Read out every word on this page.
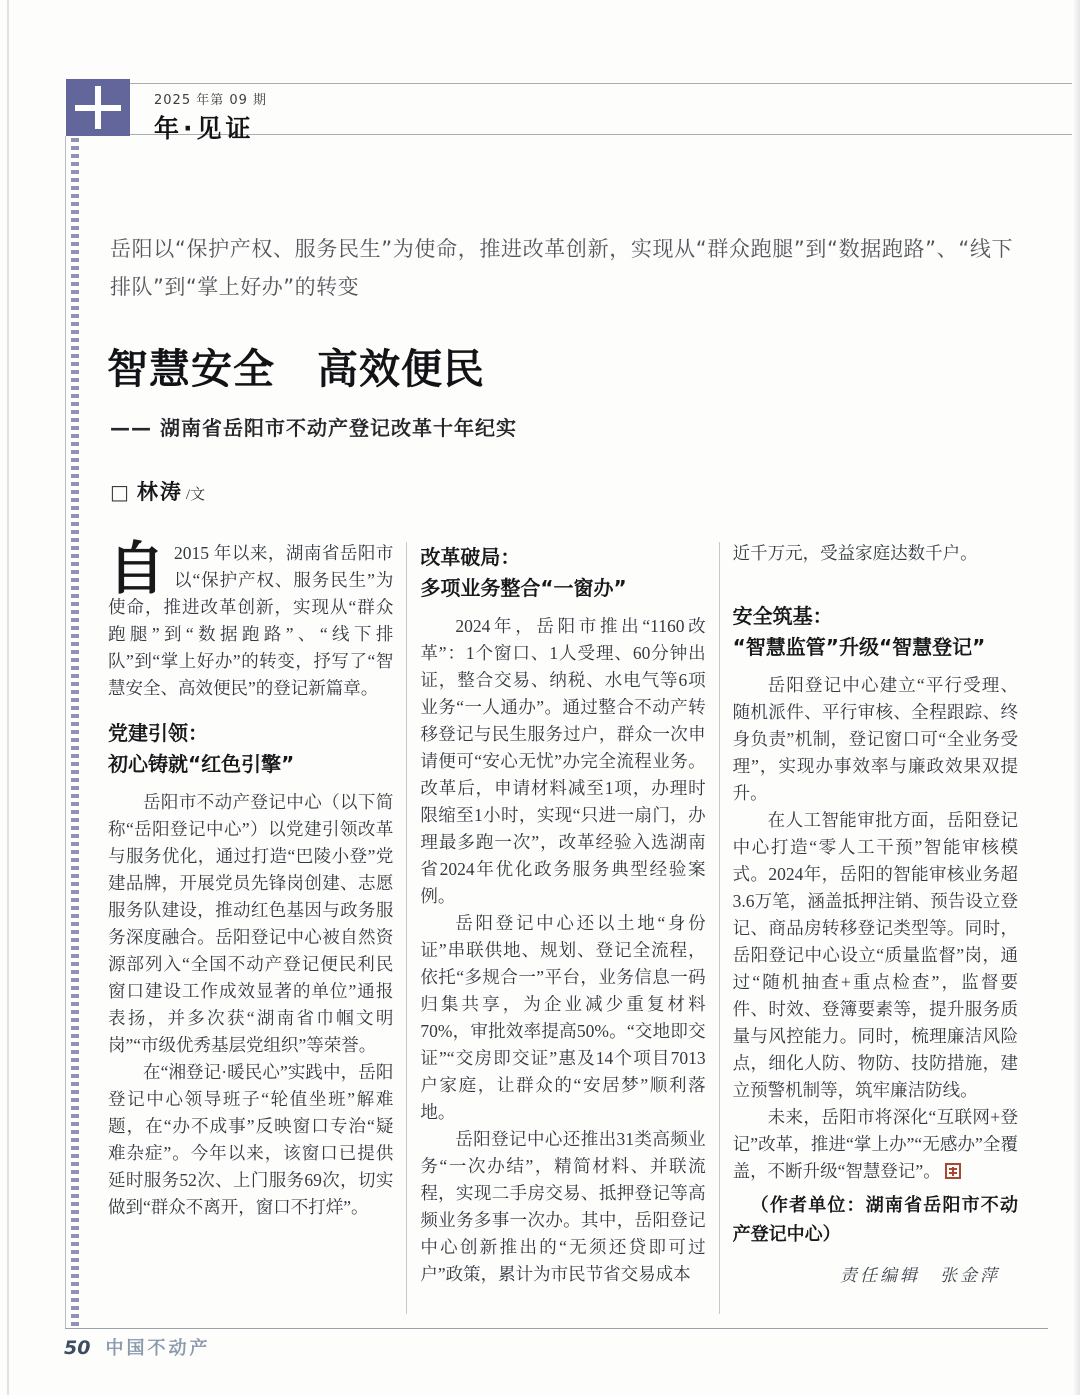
2025 年第 09 期
年·见证
岳阳以“保护产权、服务民生”为使命，推进改革创新，实现从“群众跑腿”到“数据跑路”、“线下排队”到“掌上好办”的转变
智慧安全　高效便民
—— 湖南省岳阳市不动产登记改革十年纪实
□ 林涛 /文

自 2015 年以来，湖南省岳阳市以“保护产权、服务民生”为使命，推进改革创新，实现从“群众跑腿”到“数据跑路”、“线下排队”到“掌上好办”的转变，抒写了“智慧安全、高效便民”的登记新篇章。

党建引领：
初心铸就“红色引擎”

岳阳市不动产登记中心（以下简称“岳阳登记中心”）以党建引领改革与服务优化，通过打造“巴陵小登”党建品牌，开展党员先锋岗创建、志愿服务队建设，推动红色基因与政务服务深度融合。岳阳登记中心被自然资源部列入“全国不动产登记便民利民窗口建设工作成效显著的单位”通报表扬，并多次获“湖南省巾帼文明岗”“市级优秀基层党组织”等荣誉。

在“湘登记·暖民心”实践中，岳阳登记中心领导班子“轮值坐班”解难题，在“办不成事”反映窗口专治“疑难杂症”。今年以来，该窗口已提供延时服务52次、上门服务69次，切实做到“群众不离开，窗口不打烊”。

改革破局：
多项业务整合“一窗办”

2024年，岳阳市推出“1160改革”：1个窗口、1人受理、60分钟出证，整合交易、纳税、水电气等6项业务“一人通办”。通过整合不动产转移登记与民生服务过户，群众一次申请便可“安心无忧”办完全流程业务。改革后，申请材料减至1项，办理时限缩至1小时，实现“只进一扇门，办理最多跑一次”，改革经验入选湖南省2024年优化政务服务典型经验案例。

岳阳登记中心还以土地“身份证”串联供地、规划、登记全流程，依托“多规合一”平台，业务信息一码归集共享，为企业减少重复材料70%，审批效率提高50%。“交地即交证”“交房即交证”惠及14个项目7013户家庭，让群众的“安居梦”顺利落地。

岳阳登记中心还推出31类高频业务“一次办结”，精简材料、并联流程，实现二手房交易、抵押登记等高频业务多事一次办。其中，岳阳登记中心创新推出的“无须还贷即可过户”政策，累计为市民节省交易成本

近千万元，受益家庭达数千户。

安全筑基：
“智慧监管”升级“智慧登记”

岳阳登记中心建立“平行受理、随机派件、平行审核、全程跟踪、终身负责”机制，登记窗口可“全业务受理”，实现办事效率与廉政效果双提升。

在人工智能审批方面，岳阳登记中心打造“零人工干预”智能审核模式。2024年，岳阳的智能审核业务超3.6万笔，涵盖抵押注销、预告设立登记、商品房转移登记类型等。同时，岳阳登记中心设立“质量监督”岗，通过“随机抽查+重点检查”，监督要件、时效、登簿要素等，提升服务质量与风控能力。同时，梳理廉洁风险点，细化人防、物防、技防措施，建立预警机制等，筑牢廉洁防线。

未来，岳阳市将深化“互联网+登记”改革，推进“掌上办”“无感办”全覆盖，不断升级“智慧登记”。

（作者单位：湖南省岳阳市不动产登记中心）

责任编辑　张金萍
50 中国不动产
